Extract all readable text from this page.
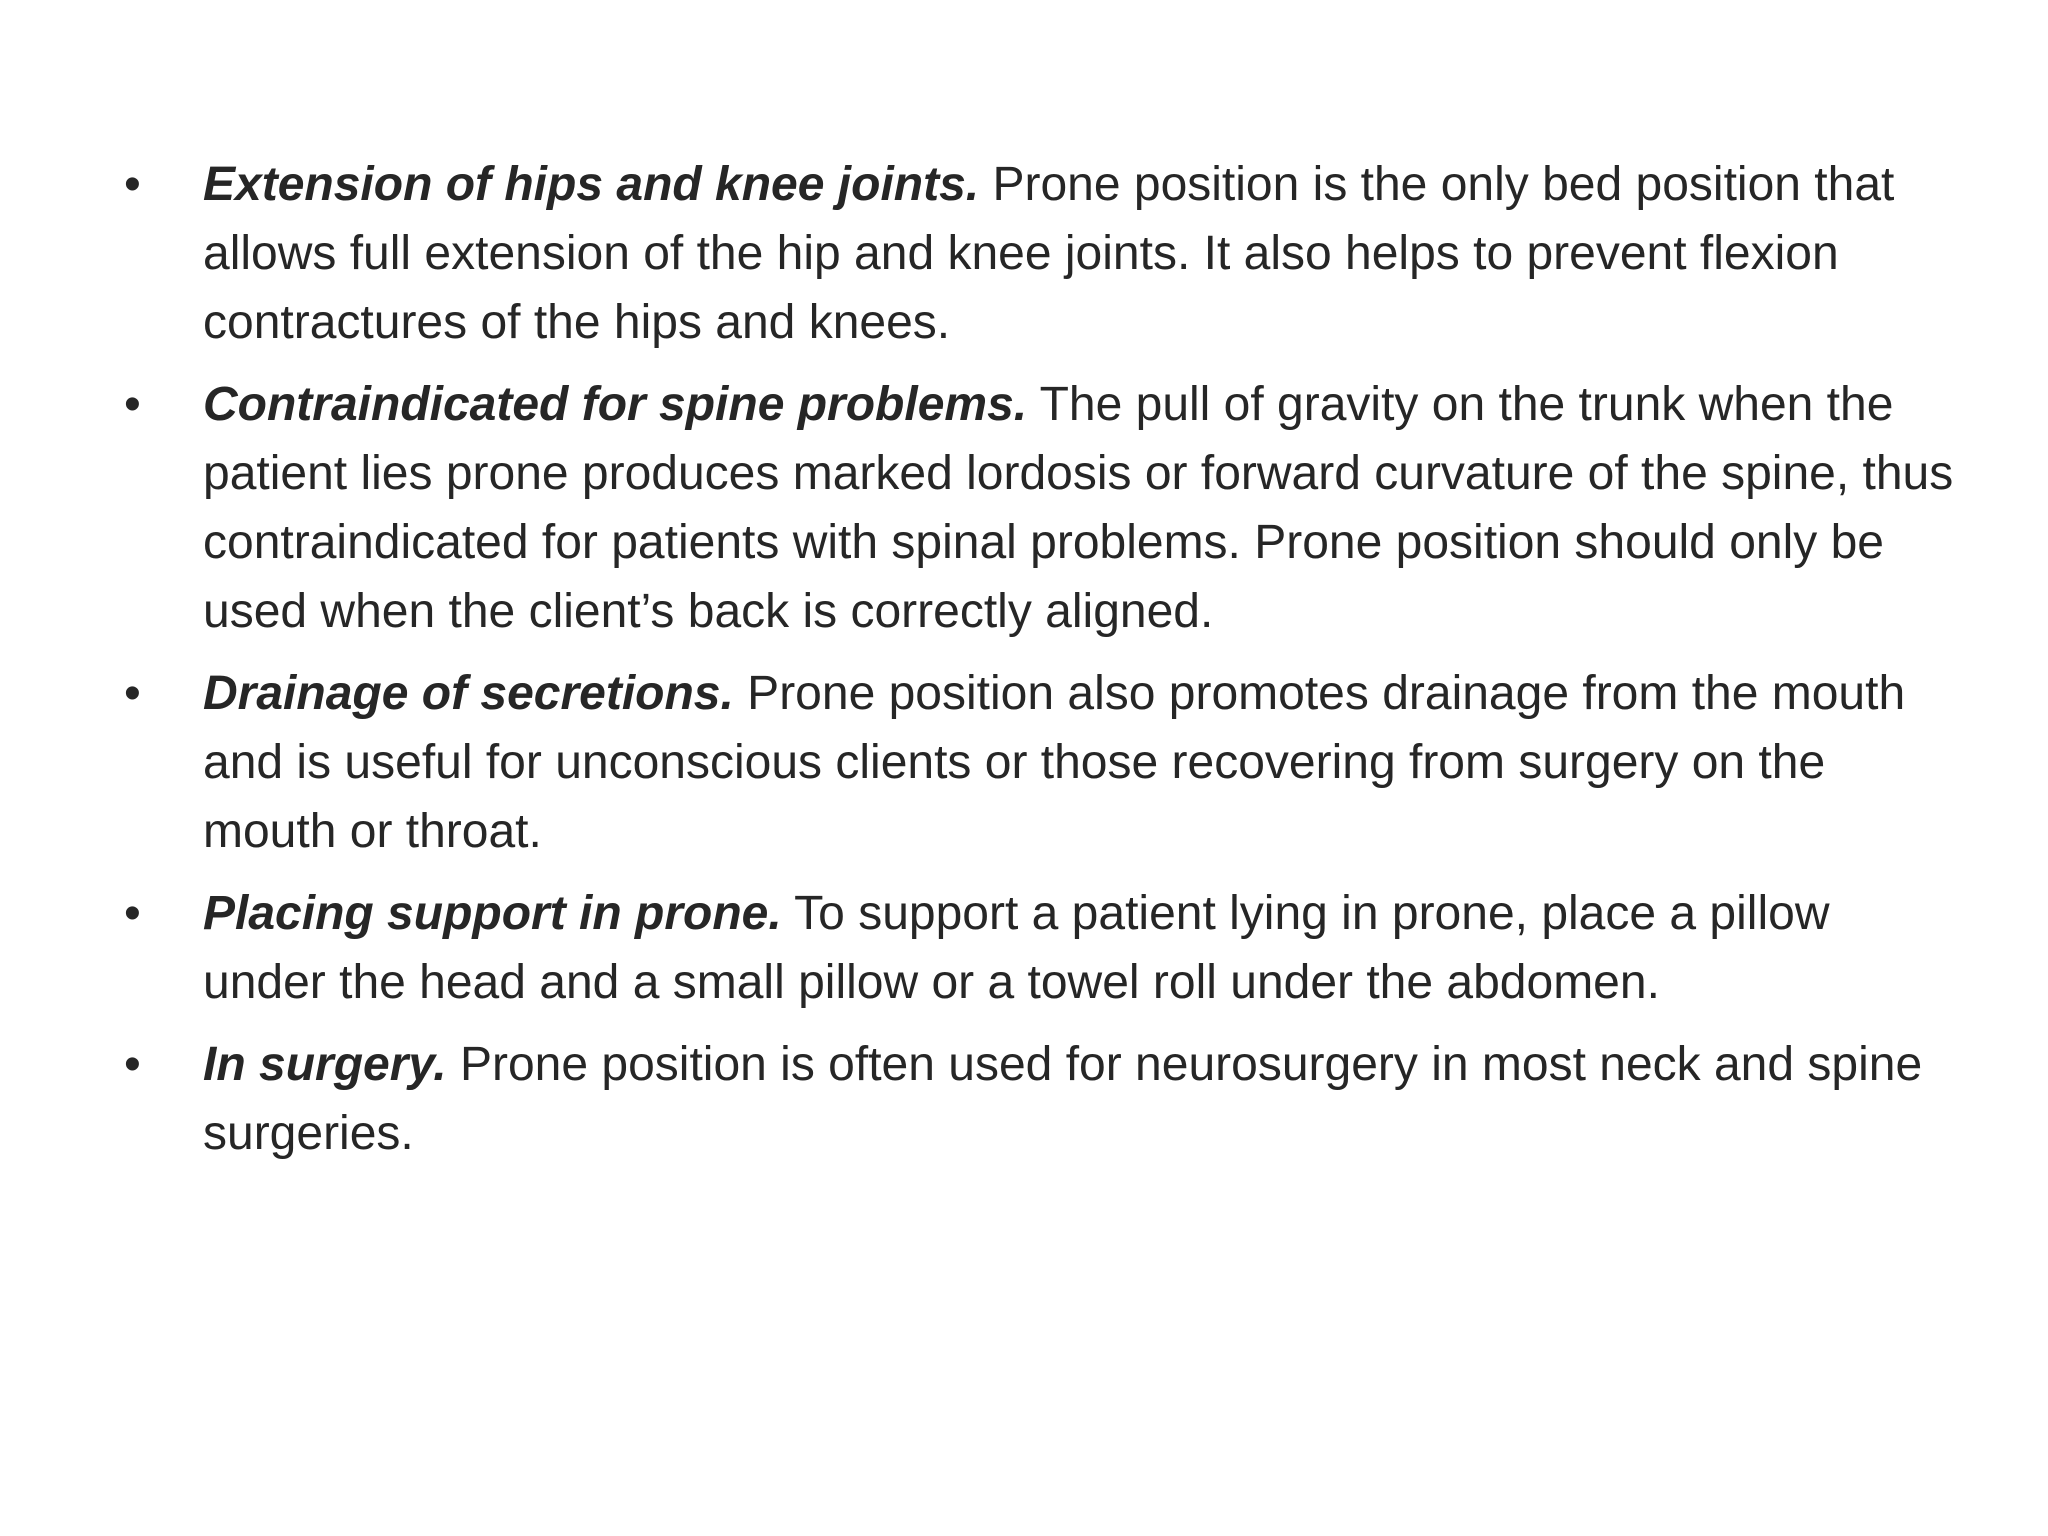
• Extension of hips and knee joints. Prone position is the only bed position that allows full extension of the hip and knee joints. It also helps to prevent flexion contractures of the hips and knees.
• Contraindicated for spine problems. The pull of gravity on the trunk when the patient lies prone produces marked lordosis or forward curvature of the spine, thus contraindicated for patients with spinal problems. Prone position should only be used when the client’s back is correctly aligned.
• Drainage of secretions. Prone position also promotes drainage from the mouth and is useful for unconscious clients or those recovering from surgery on the mouth or throat.
• Placing support in prone. To support a patient lying in prone, place a pillow under the head and a small pillow or a towel roll under the abdomen.
• In surgery. Prone position is often used for neurosurgery in most neck and spine surgeries.
